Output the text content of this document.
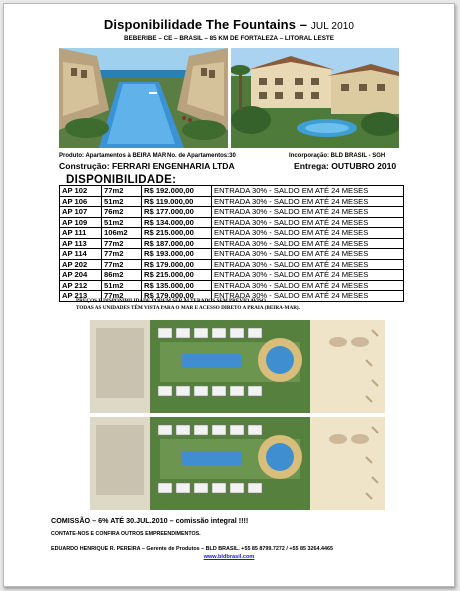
Disponibilidade The Fountains – JUL 2010
BEBERIBE – CE – BRASIL – 85 KM DE FORTALEZA – LITORAL LESTE
Produto: Apartamentos à BEIRA MAR No. de Apartamentos:30	Incorporação: BLD BRASIL - SGH
Construção: FERRARI ENGENHARIA LTDA	Entrega: OUTUBRO 2010
DISPONIBILIDADE:
AP 102	77m2	R$ 192.000,00	ENTRADA 30% - SALDO EM ATÉ 24 MESES
AP 106	51m2	R$ 119.000,00	ENTRADA 30% - SALDO EM ATÉ 24 MESES
AP 107	76m2	R$ 177.000,00	ENTRADA 30% - SALDO EM ATÉ 24 MESES
AP 109	51m2	R$ 134.000,00	ENTRADA 30% - SALDO EM ATÉ 24 MESES
AP 111	106m2	R$ 215.000,00	ENTRADA 30% - SALDO EM ATÉ 24 MESES
AP 113	77m2	R$ 187.000,00	ENTRADA 30% - SALDO EM ATÉ 24 MESES
AP 114	77m2	R$ 193.000,00	ENTRADA 30% - SALDO EM ATÉ 24 MESES
AP 202	77m2	R$ 179.000,00	ENTRADA 30% - SALDO EM ATÉ 24 MESES
AP 204	86m2	R$ 215.000,00	ENTRADA 30% - SALDO EM ATÉ 24 MESES
AP 212	51m2	R$ 135.000,00	ENTRADA 30% - SALDO EM ATÉ 24 MESES
AP 213	77m2	R$ 179.000,00	ENTRADA 30% - SALDO EM ATÉ 24 MESES
PREÇOS E DISPONIBILIDADE PODEM SER ALTERADOS SEM PRÉVIO AVISO.
TODAS AS UNIDADES TÊM VISTA PARA O MAR E ACESSO DIRETO A PRAIA (BEIRA-MAR).
COMISSÃO – 6% ATÉ 30.JUL.2010 – comissão integral !!!!
CONTATE-NOS E CONFIRA OUTROS EMPREENDIMENTOS.
EDUARDO HENRIQUE R. PEREIRA – Gerente de Produtos – BLD BRASIL. +55 85 8799.7272 / +55 85 3264.4465
www.bldbrasil.com
